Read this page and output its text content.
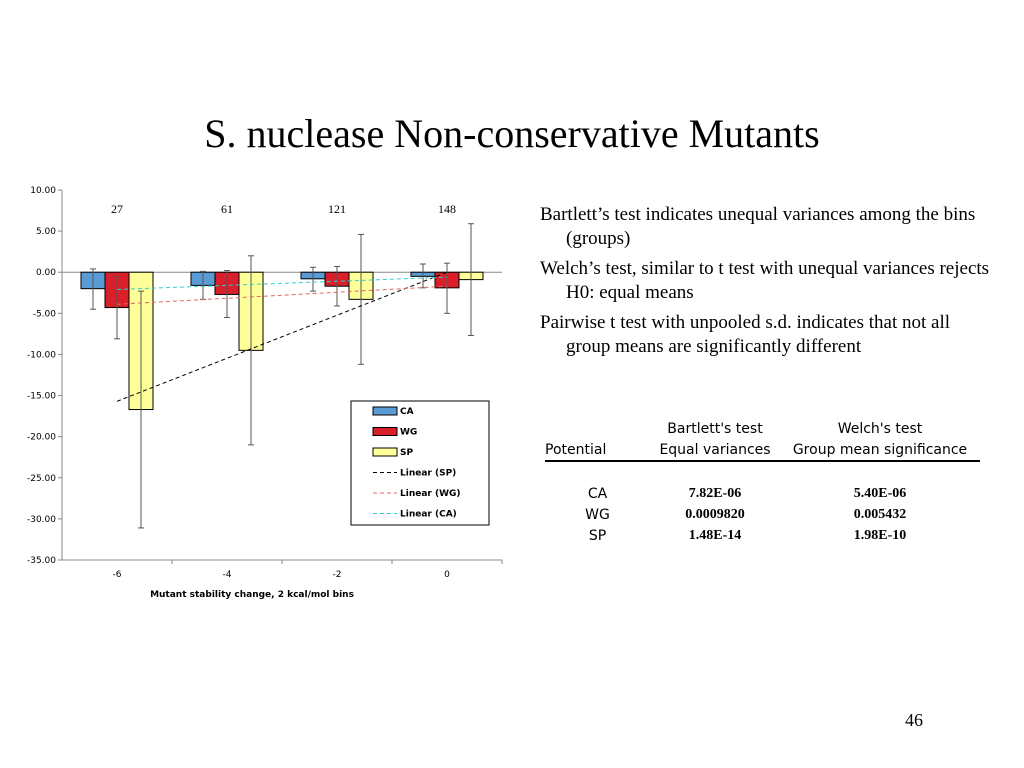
S. nuclease Non-conservative Mutants
10.00
5.00
0.00
-5.00
-10.00
-15.00
-20.00
-25.00
-30.00
-35.00
-6
27
-4
61
-2
121
0
148
Mutant stability change, 2 kcal/mol bins
CA
WG
SP
Linear (SP)
Linear (WG)
Linear (CA)
Bartlett’s test indicates unequal variances among the bins (groups)
Welch’s test, similar to t test with unequal variances rejects H0: equal means
Pairwise t test with unpooled s.d. indicates that not all group means are significantly different
	Bartlett's test	Welch's test
Potential	Equal variances	Group mean significance

CA	7.82E-06	5.40E-06
WG	0.0009820	0.005432
SP	1.48E-14	1.98E-10
46
